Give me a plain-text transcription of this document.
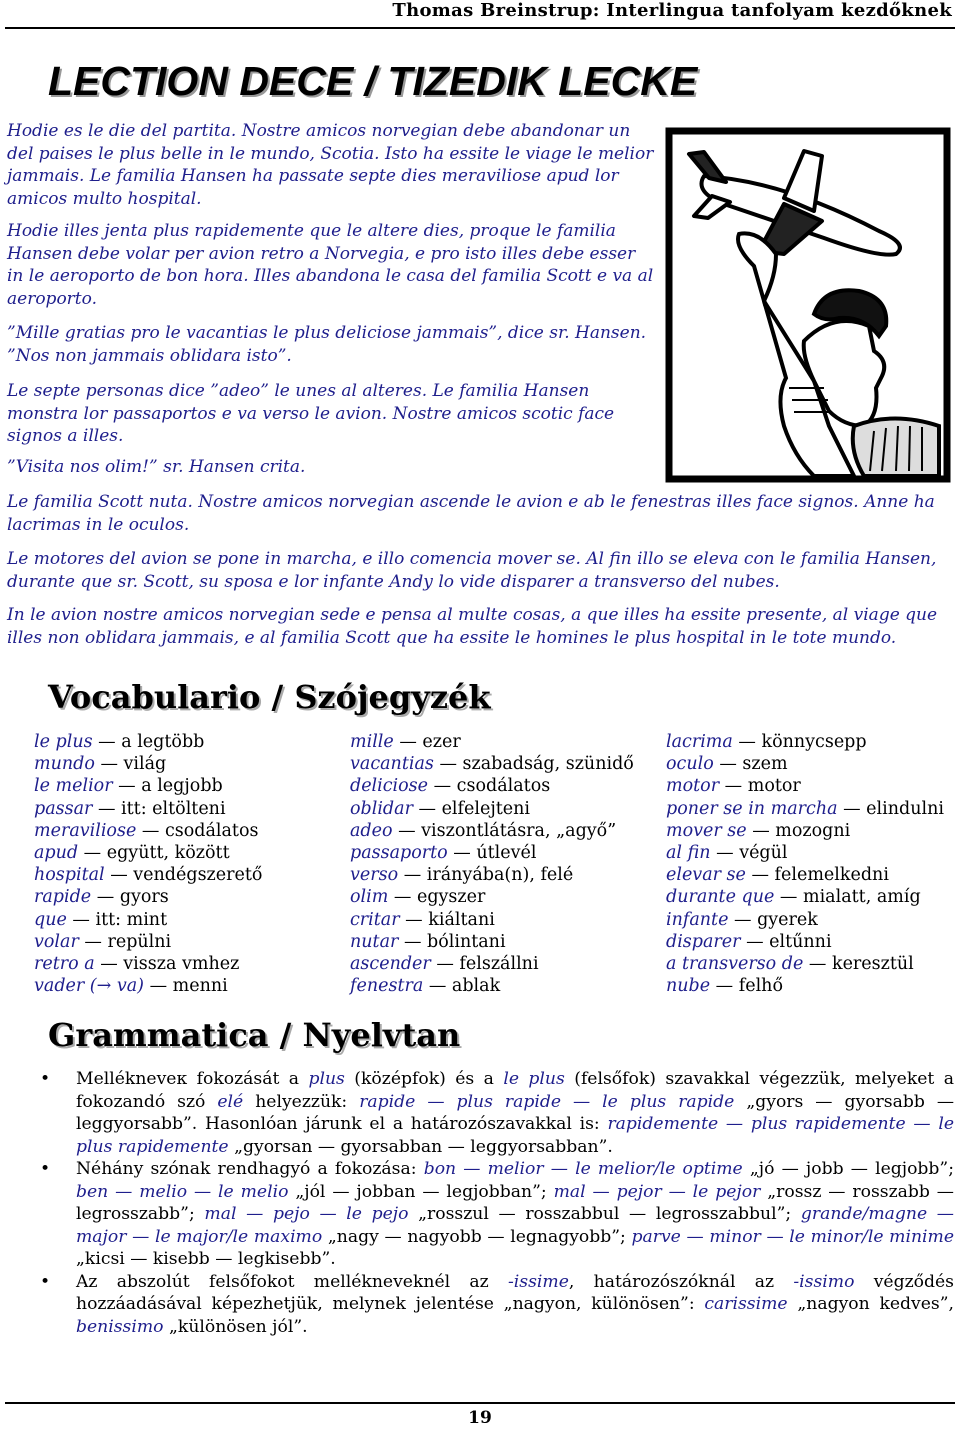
Thomas Breinstrup: Interlingua tanfolyam kezdőknek
LECTION DECE / TIZEDIK LECKE
Hodie es le die del partita. Nostre amicos norvegian debe abandonar un del paises le plus belle in le mundo, Scotia. Isto ha essite le viage le melior jammais. Le familia Hansen ha passate septe dies meraviliose apud lor amicos multo hospital.
Hodie illes jenta plus rapidemente que le altere dies, proque le familia Hansen debe volar per avion retro a Norvegia, e pro isto illes debe esser in le aeroporto de bon hora. Illes abandona le casa del familia Scott e va al aeroporto.
”Mille gratias pro le vacantias le plus deliciose jammais”, dice sr. Hansen. ”Nos non jammais oblidara isto”.
Le septe personas dice ”adeo” le unes al alteres. Le familia Hansen monstra lor passaportos e va verso le avion. Nostre amicos scotic face signos a illes.
”Visita nos olim!” sr. Hansen crita.
Le familia Scott nuta. Nostre amicos norvegian ascende le avion e ab le fenestras illes face signos. Anne ha lacrimas in le oculos.
Le motores del avion se pone in marcha, e illo comencia mover se. Al fin illo se eleva con le familia Hansen, durante que sr. Scott, su sposa e lor infante Andy lo vide disparer a transverso del nubes.
In le avion nostre amicos norvegian sede e pensa al multe cosas, a que illes ha essite presente, al viage que illes non oblidara jammais, e al familia Scott que ha essite le homines le plus hospital in le tote mundo.
Vocabulario / Szójegyzék
le plus — a legtöbb
mundo — világ
le melior — a legjobb
passar — itt: eltölteni
meraviliose — csodálatos
apud — együtt, között
hospital — vendégszerető
rapide — gyors
que — itt: mint
volar — repülni
retro a — vissza vmhez
vader (→ va) — menni
mille — ezer
vacantias — szabadság, szünidő
deliciose — csodálatos
oblidar — elfelejteni
adeo — viszontlátásra, „agyő”
passaporto — útlevél
verso — irányába(n), felé
olim — egyszer
critar — kiáltani
nutar — bólintani
ascender — felszállni
fenestra — ablak
lacrima — könnycsepp
oculo — szem
motor — motor
poner se in marcha — elindulni
mover se — mozogni
al fin — végül
elevar se — felemelkedni
durante que — mialatt, amíg
infante — gyerek
disparer — eltűnni
a transverso de — keresztül
nube — felhő
Grammatica / Nyelvtan
• Mellékneveк fokozását a plus (középfok) és a le plus (felsőfok) szavakkal végezzük, melyeket a fokozandó szó elé helyezzük: rapide — plus rapide — le plus rapide „gyors — gyorsabb — leggyorsabb”. Hasonlóan járunk el a határozószavakkal is: rapidemente — plus rapidemente — le plus rapidemente „gyorsan — gyorsabban — leggyorsabban”.
• Néhány szónak rendhagyó a fokozása: bon — melior — le melior/le optime „jó — jobb — legjobb”; ben — melio — le melio „jól — jobban — legjobban”; mal — pejor — le pejor „rossz — rosszabb — legrosszabb”; mal — pejo — le pejo „rosszul — rosszabbul — legrosszabbul”; grande/magne — major — le major/le maximo „nagy — nagyobb — legnagyobb”; parve — minor — le minor/le minime „kicsi — kisebb — legkisebb”.
• Az abszolút felsőfokot mellékneveknél az -issime, határozószóknál az -issimo végződés hozzáadásával képezhetjük, melynek jelentése „nagyon, különösen”: carissime „nagyon kedves”, benissimo „különösen jól”.
19
